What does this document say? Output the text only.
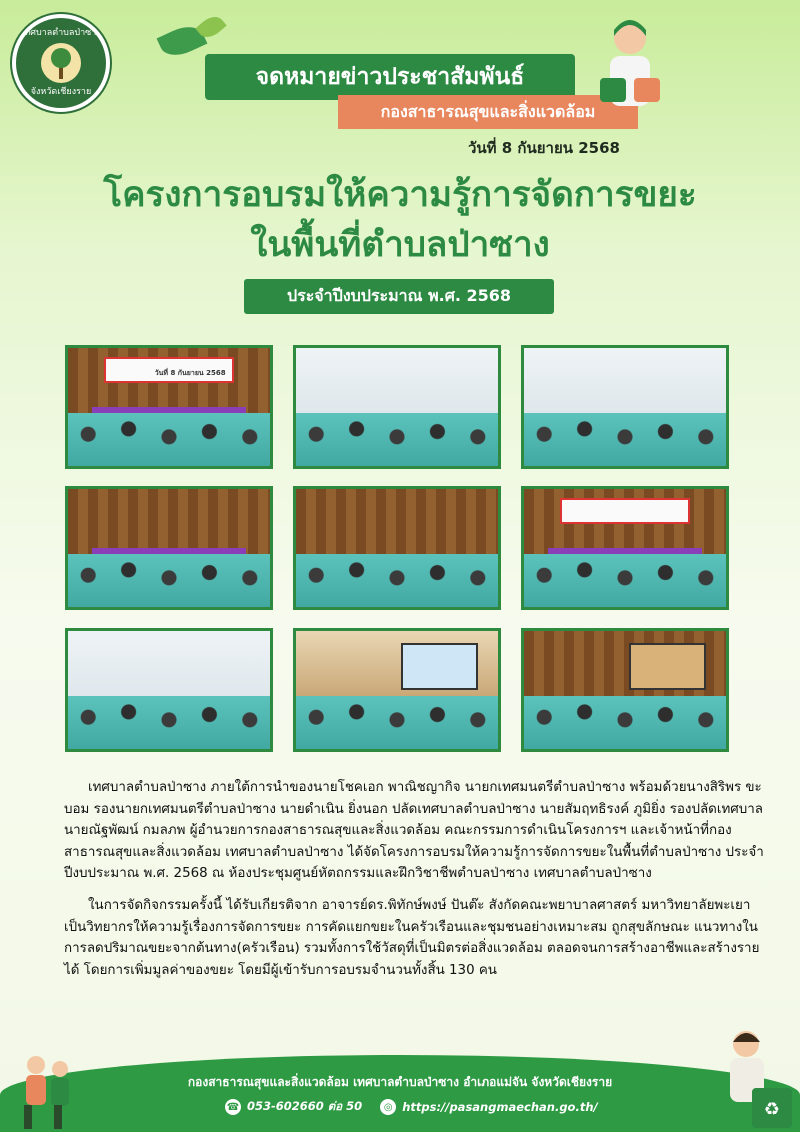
เทศบาลตำบลป่าซาง
จังหวัดเชียงราย
จดหมายข่าวประชาสัมพันธ์
กองสาธารณสุขและสิ่งแวดล้อม
วันที่ 8 กันยายน 2568
โครงการอบรมให้ความรู้การจัดการขยะ
ในพื้นที่ตำบลป่าซาง
ประจำปีงบประมาณ พ.ศ. 2568
วันที่ 8 กันยายน 2568

เทศบาลตำบลป่าซาง ภายใต้การนำของนายโชคเอก พาณิชญากิจ นายกเทศมนตรีตำบลป่าซาง พร้อมด้วยนางสิริพร ขะบอม รองนายกเทศมนตรีตำบลป่าซาง นายดำเนิน ยิ่งนอก ปลัดเทศบาลตำบลป่าซาง นายสัมฤทธิรงค์ ภูมิยิ่ง รองปลัดเทศบาล นายณัฐพัฒน์ กมลภพ ผู้อำนวยการกองสาธารณสุขและสิ่งแวดล้อม คณะกรรมการดำเนินโครงการฯ และเจ้าหน้าที่กองสาธารณสุขและสิ่งแวดล้อม เทศบาลตำบลป่าซาง ได้จัดโครงการอบรมให้ความรู้การจัดการขยะในพื้นที่ตำบลป่าซาง ประจำปีงบประมาณ พ.ศ. 2568 ณ ห้องประชุมศูนย์หัตถกรรมและฝึกวิชาชีพตำบลป่าซาง เทศบาลตำบลป่าซาง

ในการจัดกิจกรรมครั้งนี้ ได้รับเกียรติจาก อาจารย์ดร.พิทักษ์พงษ์ ปันต๊ะ สังกัดคณะพยาบาลศาสตร์ มหาวิทยาลัยพะเยา เป็นวิทยากรให้ความรู้เรื่องการจัดการขยะ การคัดแยกขยะในครัวเรือนและชุมชนอย่างเหมาะสม ถูกสุขลักษณะ แนวทางในการลดปริมาณขยะจากต้นทาง(ครัวเรือน) รวมทั้งการใช้วัสดุที่เป็นมิตรต่อสิ่งแวดล้อม ตลอดจนการสร้างอาชีพและสร้างรายได้ โดยการเพิ่มมูลค่าของขยะ โดยมีผู้เข้ารับการอบรมจำนวนทั้งสิ้น 130 คน

กองสาธารณสุขและสิ่งแวดล้อม เทศบาลตำบลป่าซาง อำเภอแม่จัน จังหวัดเชียงราย
☎ 053-602660 ต่อ 50	◎ https://pasangmaechan.go.th/	♻
